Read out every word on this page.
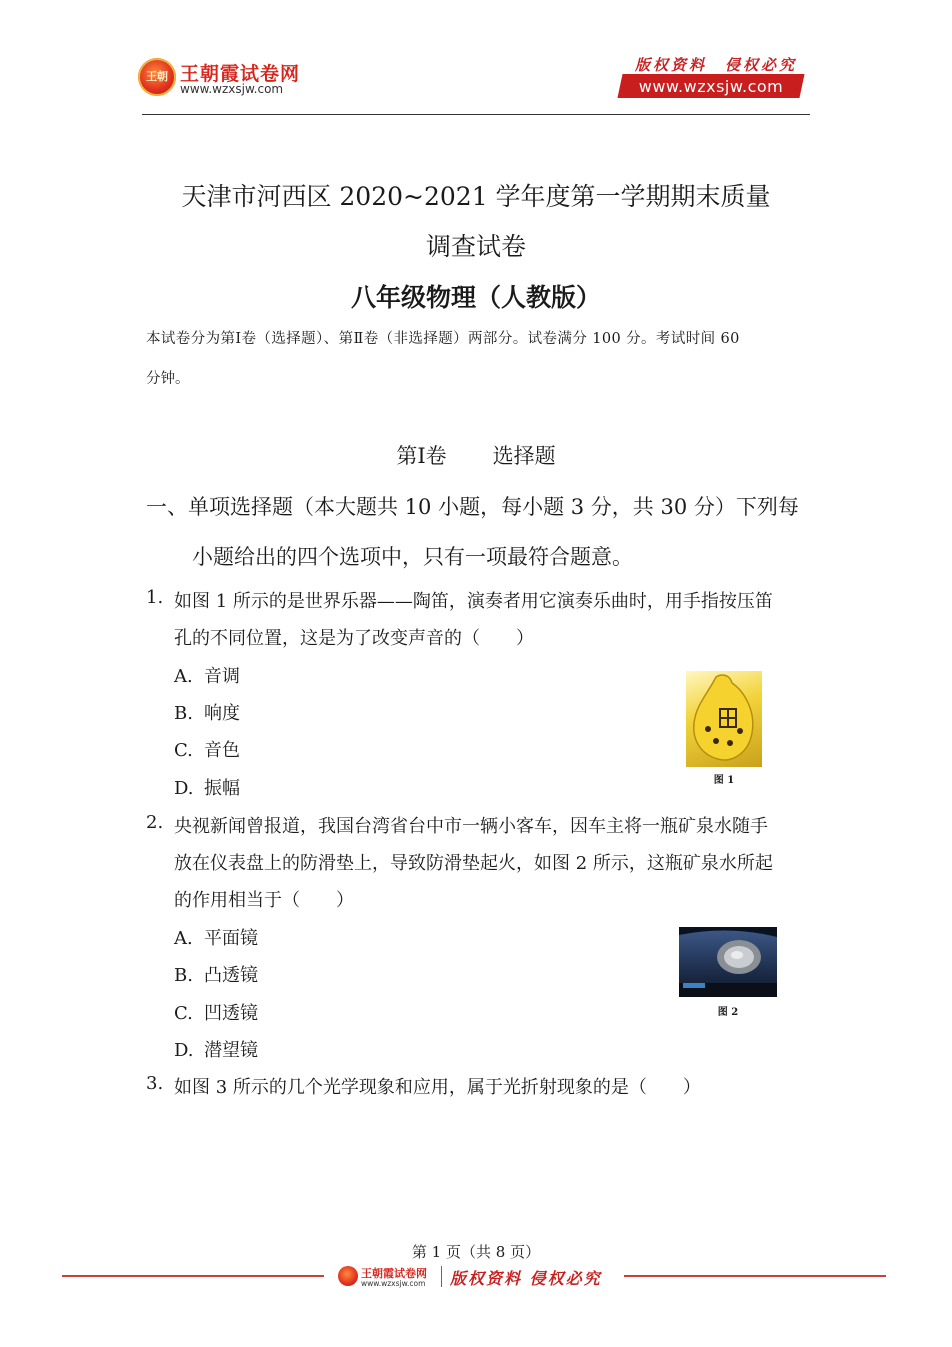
王朝 王朝霞试卷网
www.wzxsjw.com
版权资料　侵权必究
www.wzxsjw.com
天津市河西区 2020~2021 学年度第一学期期末质量
调查试卷
八年级物理（人教版）
本试卷分为第Ⅰ卷（选择题）、第Ⅱ卷（非选择题）两部分。试卷满分 100 分。考试时间 60
分钟。
第Ⅰ卷 选择题
一、单项选择题（本大题共 10 小题，每小题 3 分，共 30 分）下列每
小题给出的四个选项中，只有一项最符合题意。
1. 如图 1 所示的是世界乐器——陶笛，演奏者用它演奏乐曲时，用手指按压笛
孔的不同位置，这是为了改变声音的（　　）
A. 音调
B. 响度
C. 音色
D. 振幅	图 1
2. 央视新闻曾报道，我国台湾省台中市一辆小客车，因车主将一瓶矿泉水随手
放在仪表盘上的防滑垫上，导致防滑垫起火，如图 2 所示，这瓶矿泉水所起
的作用相当于（　　）
A. 平面镜
B. 凸透镜
C. 凹透镜
D. 潜望镜
图 2
3. 如图 3 所示的几个光学现象和应用，属于光折射现象的是（　　）
第 1 页（共 8 页）
王朝霞试卷网
www.wzxsjw.com 版权资料 侵权必究
